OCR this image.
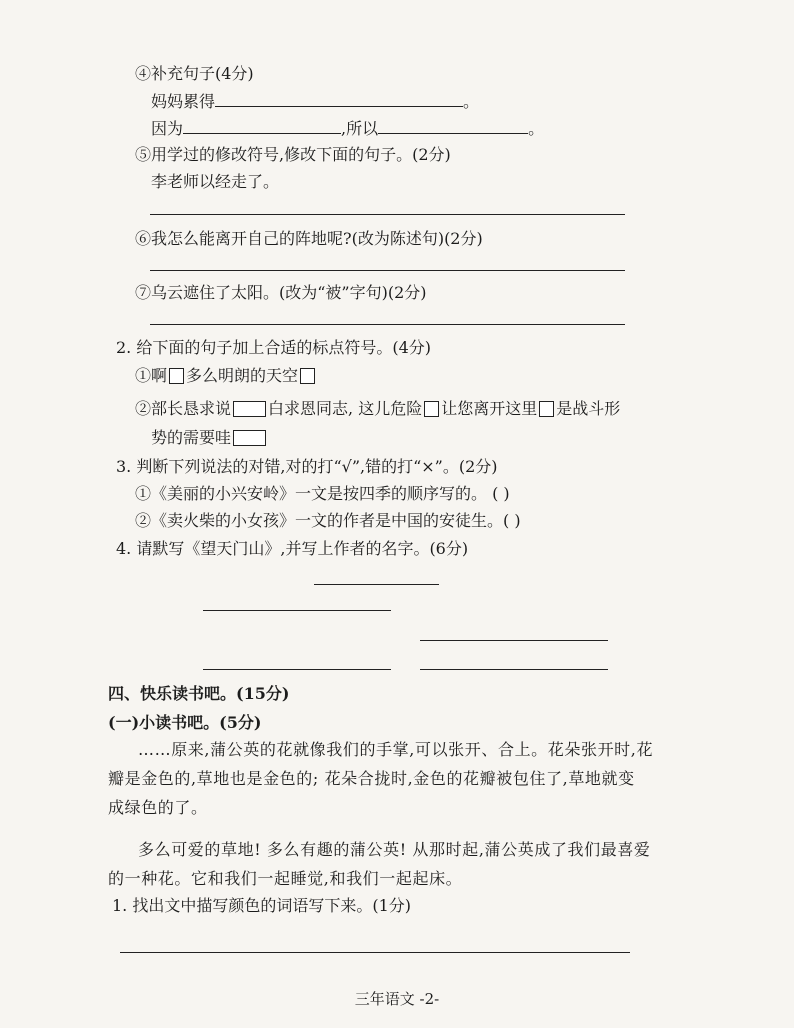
④补充句子(4分)
妈妈累得	。
因为	,所以	。
⑤用学过的修改符号,修改下面的句子。(2分)
李老师以经走了。
⑥我怎么能离开自己的阵地呢?(改为陈述句)(2分)
⑦乌云遮住了太阳。(改为“被”字句)(2分)
2. 给下面的句子加上合适的标点符号。(4分)
①啊 多么明朗的天空
②部长恳求说 白求恩同志, 这儿危险 让您离开这里 是战斗形
势的需要哇
3. 判断下列说法的对错,对的打“√”,错的打“×”。(2分)
①《美丽的小兴安岭》一文是按四季的顺序写的。 ( )
②《卖火柴的小女孩》一文的作者是中国的安徒生。( )
4. 请默写《望天门山》,并写上作者的名字。(6分)
四、快乐读书吧。(15分)
(一)小读书吧。(5分)
……原来,蒲公英的花就像我们的手掌,可以张开、合上。花朵张开时,花
瓣是金色的,草地也是金色的; 花朵合拢时,金色的花瓣被包住了,草地就变
成绿色的了。
多么可爱的草地! 多么有趣的蒲公英! 从那时起,蒲公英成了我们最喜爱
的一种花。它和我们一起睡觉,和我们一起起床。
1. 找出文中描写颜色的词语写下来。(1分)
三年语文 -2-
